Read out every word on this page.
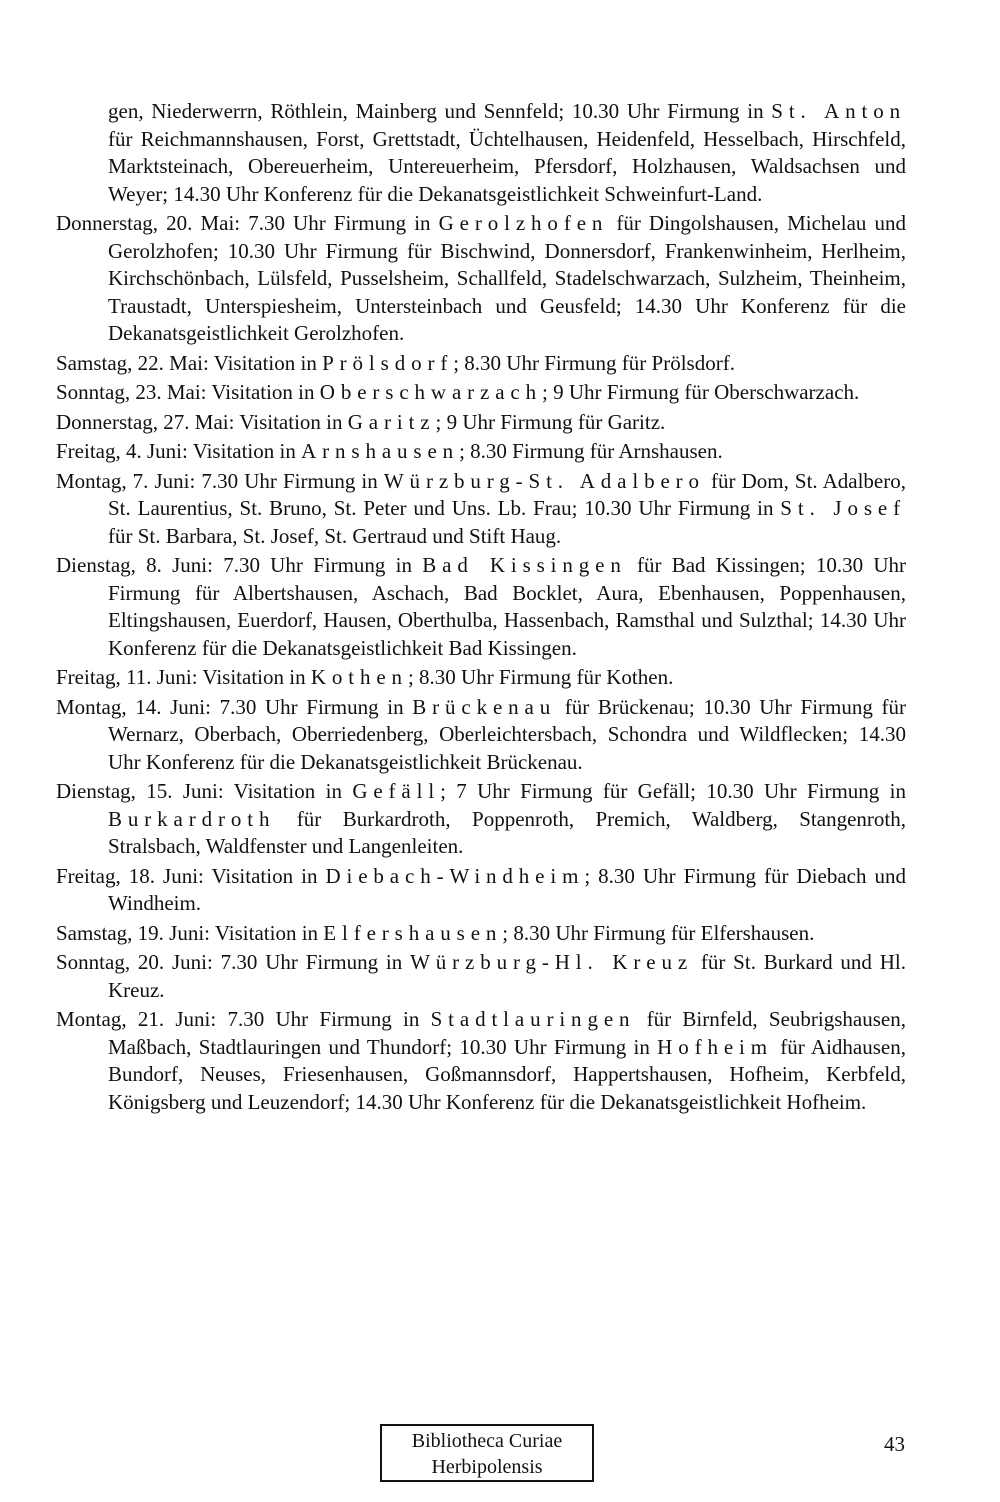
gen, Niederwerrn, Röthlein, Mainberg und Sennfeld; 10.30 Uhr Firmung in St. Anton für Reichmannshausen, Forst, Grettstadt, Üchtelhausen, Heidenfeld, Hesselbach, Hirschfeld, Marktsteinach, Obereuerheim, Untereuerheim, Pfersdorf, Holzhausen, Waldsachsen und Weyer; 14.30 Uhr Konferenz für die Dekanatsgeistlichkeit Schweinfurt-Land.

Donnerstag, 20. Mai: 7.30 Uhr Firmung in Gerolzhofen für Dingolshausen, Michelau und Gerolzhofen; 10.30 Uhr Firmung für Bischwind, Donnersdorf, Frankenwinheim, Herlheim, Kirchschönbach, Lülsfeld, Pusselsheim, Schallfeld, Stadelschwarzach, Sulzheim, Theinheim, Traustadt, Unterspiesheim, Untersteinbach und Geusfeld; 14.30 Uhr Konferenz für die Dekanatsgeistlichkeit Gerolzhofen.

Samstag, 22. Mai: Visitation in Prölsdorf; 8.30 Uhr Firmung für Prölsdorf.

Sonntag, 23. Mai: Visitation in Oberschwarzach; 9 Uhr Firmung für Oberschwarzach.

Donnerstag, 27. Mai: Visitation in Garitz; 9 Uhr Firmung für Garitz.

Freitag, 4. Juni: Visitation in Arnshausen; 8.30 Firmung für Arnshausen.

Montag, 7. Juni: 7.30 Uhr Firmung in Würzburg-St. Adalbero für Dom, St. Adalbero, St. Laurentius, St. Bruno, St. Peter und Uns. Lb. Frau; 10.30 Uhr Firmung in St. Josef für St. Barbara, St. Josef, St. Gertraud und Stift Haug.

Dienstag, 8. Juni: 7.30 Uhr Firmung in Bad Kissingen für Bad Kissingen; 10.30 Uhr Firmung für Albertshausen, Aschach, Bad Bocklet, Aura, Ebenhausen, Poppenhausen, Eltingshausen, Euerdorf, Hausen, Oberthulba, Hassenbach, Ramsthal und Sulzthal; 14.30 Uhr Konferenz für die Dekanatsgeistlichkeit Bad Kissingen.

Freitag, 11. Juni: Visitation in Kothen; 8.30 Uhr Firmung für Kothen.

Montag, 14. Juni: 7.30 Uhr Firmung in Brückenau für Brückenau; 10.30 Uhr Firmung für Wernarz, Oberbach, Oberriedenberg, Oberleichtersbach, Schondra und Wildflecken; 14.30 Uhr Konferenz für die Dekanatsgeistlichkeit Brückenau.

Dienstag, 15. Juni: Visitation in Gefäll; 7 Uhr Firmung für Gefäll; 10.30 Uhr Firmung in Burkardroth für Burkardroth, Poppenroth, Premich, Waldberg, Stangenroth, Stralsbach, Waldfenster und Langenleiten.

Freitag, 18. Juni: Visitation in Diebach-Windheim; 8.30 Uhr Firmung für Diebach und Windheim.

Samstag, 19. Juni: Visitation in Elfershausen; 8.30 Uhr Firmung für Elfershausen.

Sonntag, 20. Juni: 7.30 Uhr Firmung in Würzburg-Hl. Kreuz für St. Burkard und Hl. Kreuz.

Montag, 21. Juni: 7.30 Uhr Firmung in Stadtlauringen für Birnfeld, Seubrigshausen, Maßbach, Stadtlauringen und Thundorf; 10.30 Uhr Firmung in Hofheim für Aidhausen, Bundorf, Neuses, Friesenhausen, Goßmannsdorf, Happertshausen, Hofheim, Kerbfeld, Königsberg und Leuzendorf; 14.30 Uhr Konferenz für die Dekanatsgeistlichkeit Hofheim.

Bibliotheca Curiae
Herbipolensis
43
